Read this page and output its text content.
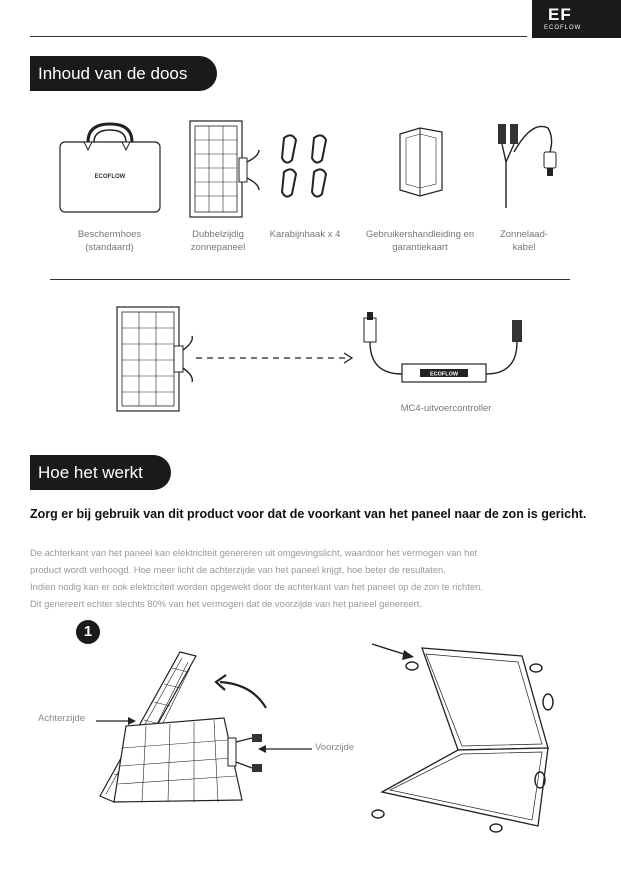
EF
ECOFLOW
Inhoud van de doos
ECOFLOW
Beschermhoes (standaard)
Dubbelzijdig zonnepaneel
Karabijnhaak x 4	Gebruikershandleiding en garantiekaart
Zonnelaad- kabel
ECOFLOW
MC4-uitvoercontroller
Hoe het werkt
Zorg er bij gebruik van dit product voor dat de voorkant van het paneel naar de zon is gericht.
De achterkant van het paneel kan elektriciteit genereren uit omgevingslicht, waardoor het vermogen van het
product wordt verhoogd. Hoe meer licht de achterzijde van het paneel krijgt, hoe beter de resultaten.
Indien nodig kan er ook elektriciteit worden opgewekt door de achterkant van het paneel op de zon te richten.
Dit genereert echter slechts 80% van het vermogen dat de voorzijde van het paneel genereert.
1
Achterzijde
Voorzijde
